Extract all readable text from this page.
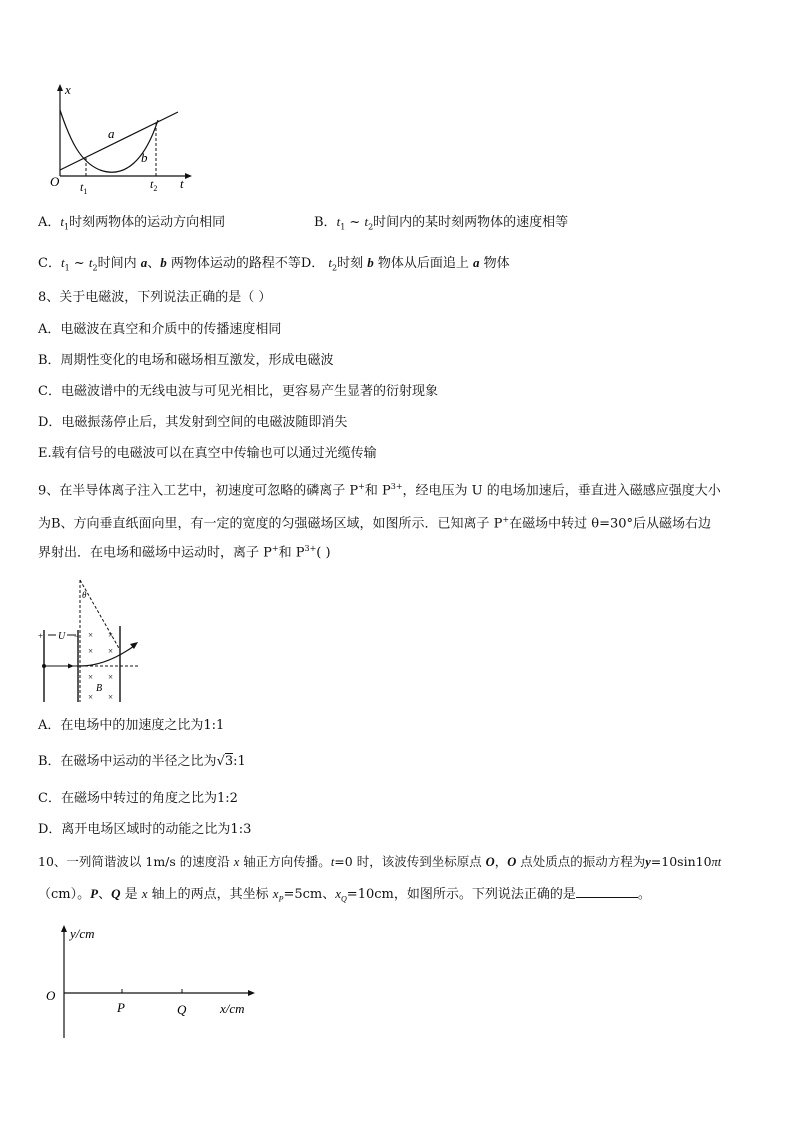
x
t
O
a
b
$t_1$
$t_2$
A．$t_1$时刻两物体的运动方向相同	B．$t_1$ ~ $t_2$时间内的某时刻两物体的速度相等
C．$t_1$ ~ $t_2$时间内 a、b 两物体运动的路程不等D． $t_2$时刻 b 物体从后面追上 a 物体
8、关于电磁波，下列说法正确的是（ ）
A．电磁波在真空和介质中的传播速度相同
B．周期性变化的电场和磁场相互激发，形成电磁波
C．电磁波谱中的无线电波与可见光相比，更容易产生显著的衍射现象
D．电磁振荡停止后，其发射到空间的电磁波随即消失
E.载有信号的电磁波可以在真空中传输也可以通过光缆传输
9、在半导体离子注入工艺中，初速度可忽略的磷离子 P+和 $P^{3+}$，经电压为 U 的电场加速后，垂直进入磁感应强度大小
为B、方向垂直纸面向里，有一定的宽度的匀强磁场区域，如图所示．已知离子 P+在磁场中转过 θ=30°后从磁场右边
界射出．在电场和磁场中运动时，离子 P+和 $P^{3+}$( )
U
+	−
θ
× ×
× ×
× ×
× ×
B
A．在电场中的加速度之比为1:1
B．在磁场中运动的半径之比为√3:1
C．在磁场中转过的角度之比为1:2
D．离开电场区域时的动能之比为1:3
10、一列简谐波以 1m/s 的速度沿 x 轴正方向传播。t=0 时，该波传到坐标原点 O，O 点处质点的振动方程为y=10sin10πt
（cm）。P、Q 是 x 轴上的两点，其坐标 $x_P=5cm$、$x_Q=10cm$，如图所示。下列说法正确的是	。
y/cm
x/cm
O
P	Q
